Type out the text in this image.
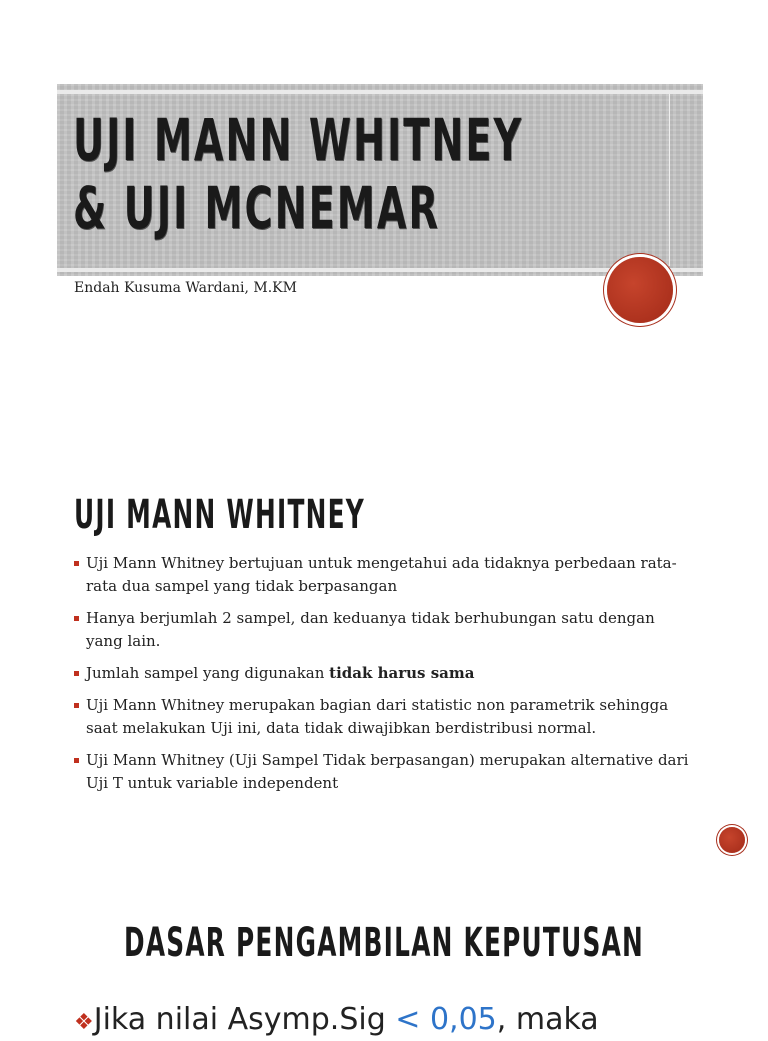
UJI MANN WHITNEY
& UJI MCNEMAR
Endah Kusuma Wardani, M.KM
UJI MANN WHITNEY
Uji Mann Whitney bertujuan untuk mengetahui ada tidaknya perbedaan rata-rata dua sampel yang tidak berpasangan
Hanya berjumlah 2 sampel, dan keduanya tidak berhubungan satu dengan yang lain.
Jumlah sampel yang digunakan tidak harus sama
Uji Mann Whitney merupakan bagian dari statistic non parametrik sehingga saat melakukan Uji ini, data tidak diwajibkan berdistribusi normal.
Uji Mann Whitney (Uji Sampel Tidak berpasangan) merupakan alternative dari Uji T untuk variable independent
DASAR PENGAMBILAN KEPUTUSAN
❖Jika nilai Asymp.Sig < 0,05, maka
